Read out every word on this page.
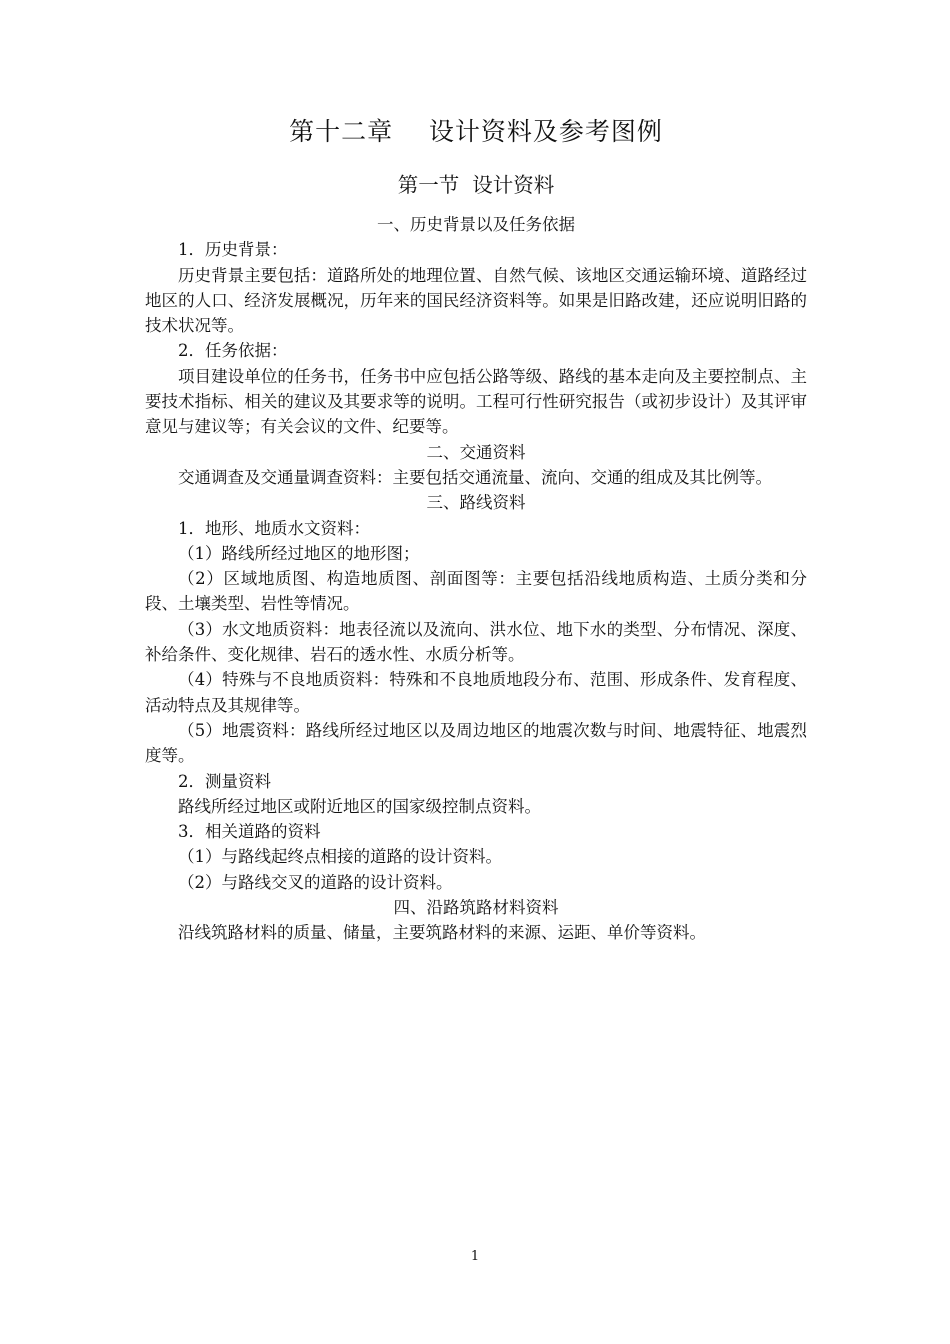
第十二章    设计资料及参考图例
第一节  设计资料

一、历史背景以及任务依据

1．历史背景：

历史背景主要包括：道路所处的地理位置、自然气候、该地区交通运输环境、道路经过地区的人口、经济发展概况，历年来的国民经济资料等。如果是旧路改建，还应说明旧路的技术状况等。

2．任务依据：

项目建设单位的任务书，任务书中应包括公路等级、路线的基本走向及主要控制点、主要技术指标、相关的建议及其要求等的说明。工程可行性研究报告（或初步设计）及其评审意见与建议等；有关会议的文件、纪要等。

二、交通资料

交通调查及交通量调查资料：主要包括交通流量、流向、交通的组成及其比例等。

三、路线资料

1．地形、地质水文资料：

（1）路线所经过地区的地形图；

（2）区域地质图、构造地质图、剖面图等：主要包括沿线地质构造、土质分类和分段、土壤类型、岩性等情况。

（3）水文地质资料：地表径流以及流向、洪水位、地下水的类型、分布情况、深度、补给条件、变化规律、岩石的透水性、水质分析等。

（4）特殊与不良地质资料：特殊和不良地质地段分布、范围、形成条件、发育程度、活动特点及其规律等。

（5）地震资料：路线所经过地区以及周边地区的地震次数与时间、地震特征、地震烈度等。

2．测量资料

路线所经过地区或附近地区的国家级控制点资料。

3．相关道路的资料

（1）与路线起终点相接的道路的设计资料。

（2）与路线交叉的道路的设计资料。

四、沿路筑路材料资料

沿线筑路材料的质量、储量，主要筑路材料的来源、运距、单价等资料。

1
